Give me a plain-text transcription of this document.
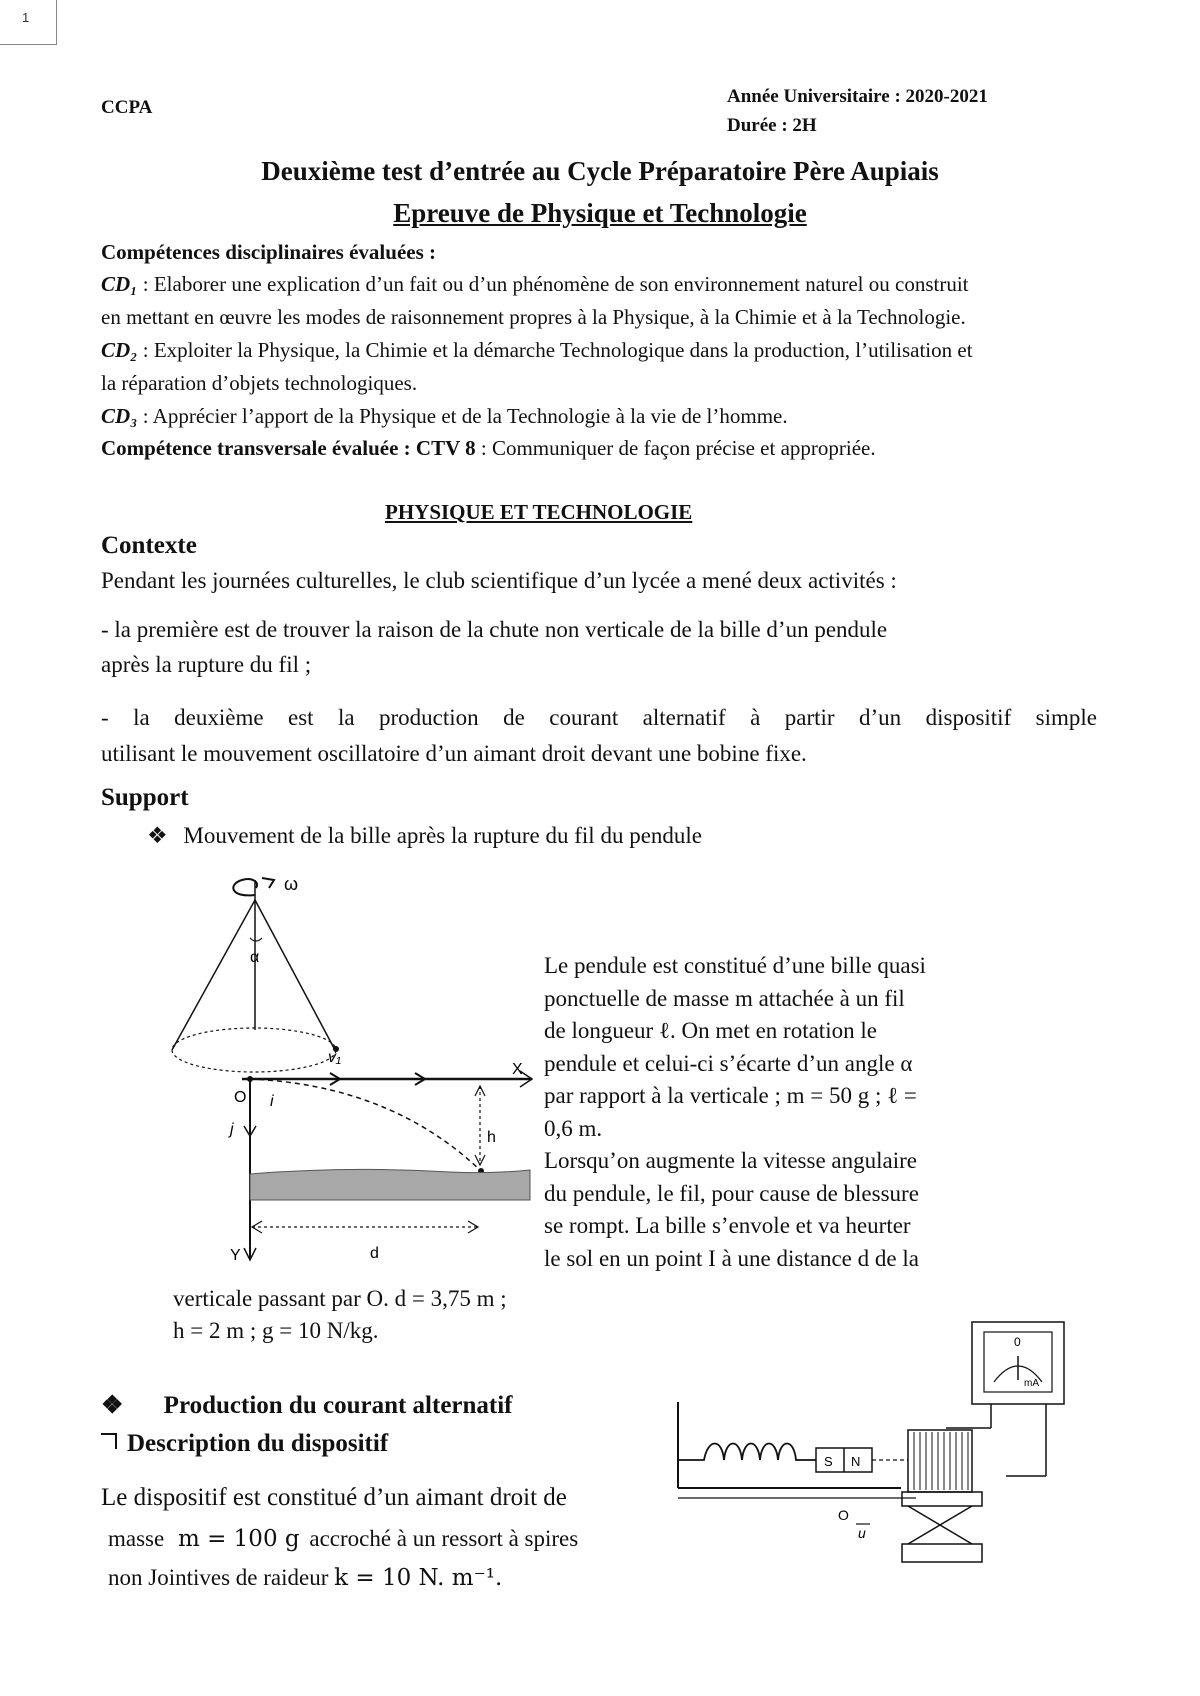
1
CCPA
Année Universitaire : 2020-2021
Durée : 2H
Deuxième test d’entrée au Cycle Préparatoire Père Aupiais
Epreuve de Physique et Technologie
Compétences disciplinaires évaluées :
CD₁ : Elaborer une explication d’un fait ou d’un phénomène de son environnement naturel ou construit
en mettant en œuvre les modes de raisonnement propres à la Physique, à la Chimie et à la Technologie.
CD₂ : Exploiter la Physique, la Chimie et la démarche Technologique dans la production, l’utilisation et
la réparation d’objets technologiques.
CD₃ : Apprécier l’apport de la Physique et de la Technologie à la vie de l’homme.
Compétence transversale évaluée : CTV 8 : Communiquer de façon précise et appropriée.
PHYSIQUE ET TECHNOLOGIE
Contexte
Pendant les journées culturelles, le club scientifique d’un lycée a mené deux activités :
- la première est de trouver la raison de la chute non verticale de la bille d’un pendule
après la rupture du fil ;
- la deuxième est la production de courant alternatif à partir d’un dispositif simple
utilisant le mouvement oscillatoire d’un aimant droit devant une bobine fixe.
Support
❖ Mouvement de la bille après la rupture du fil du pendule
ω
α
X
v₁
O i
j
Y
h
d
Le pendule est constitué d’une bille quasi
ponctuelle de masse m attachée à un fil
de longueur ℓ. On met en rotation le
pendule et celui-ci s’écarte d’un angle α
par rapport à la verticale ; m = 50 g ; ℓ =
0,6 m.
Lorsqu’on augmente la vitesse angulaire
du pendule, le fil, pour cause de blessure
se rompt. La bille s’envole et va heurter
le sol en un point I à une distance d de la
verticale passant par O. d = 3,75 m ;
h = 2 m ; g = 10 N/kg.
❖ Production du courant alternatif
Description du dispositif
Le dispositif est constitué d’un aimant droit de
masse m = 100 g accroché à un ressort à spires
non Jointives de raideur k = 10 N. m⁻¹.
0
mA
S N
O
u
